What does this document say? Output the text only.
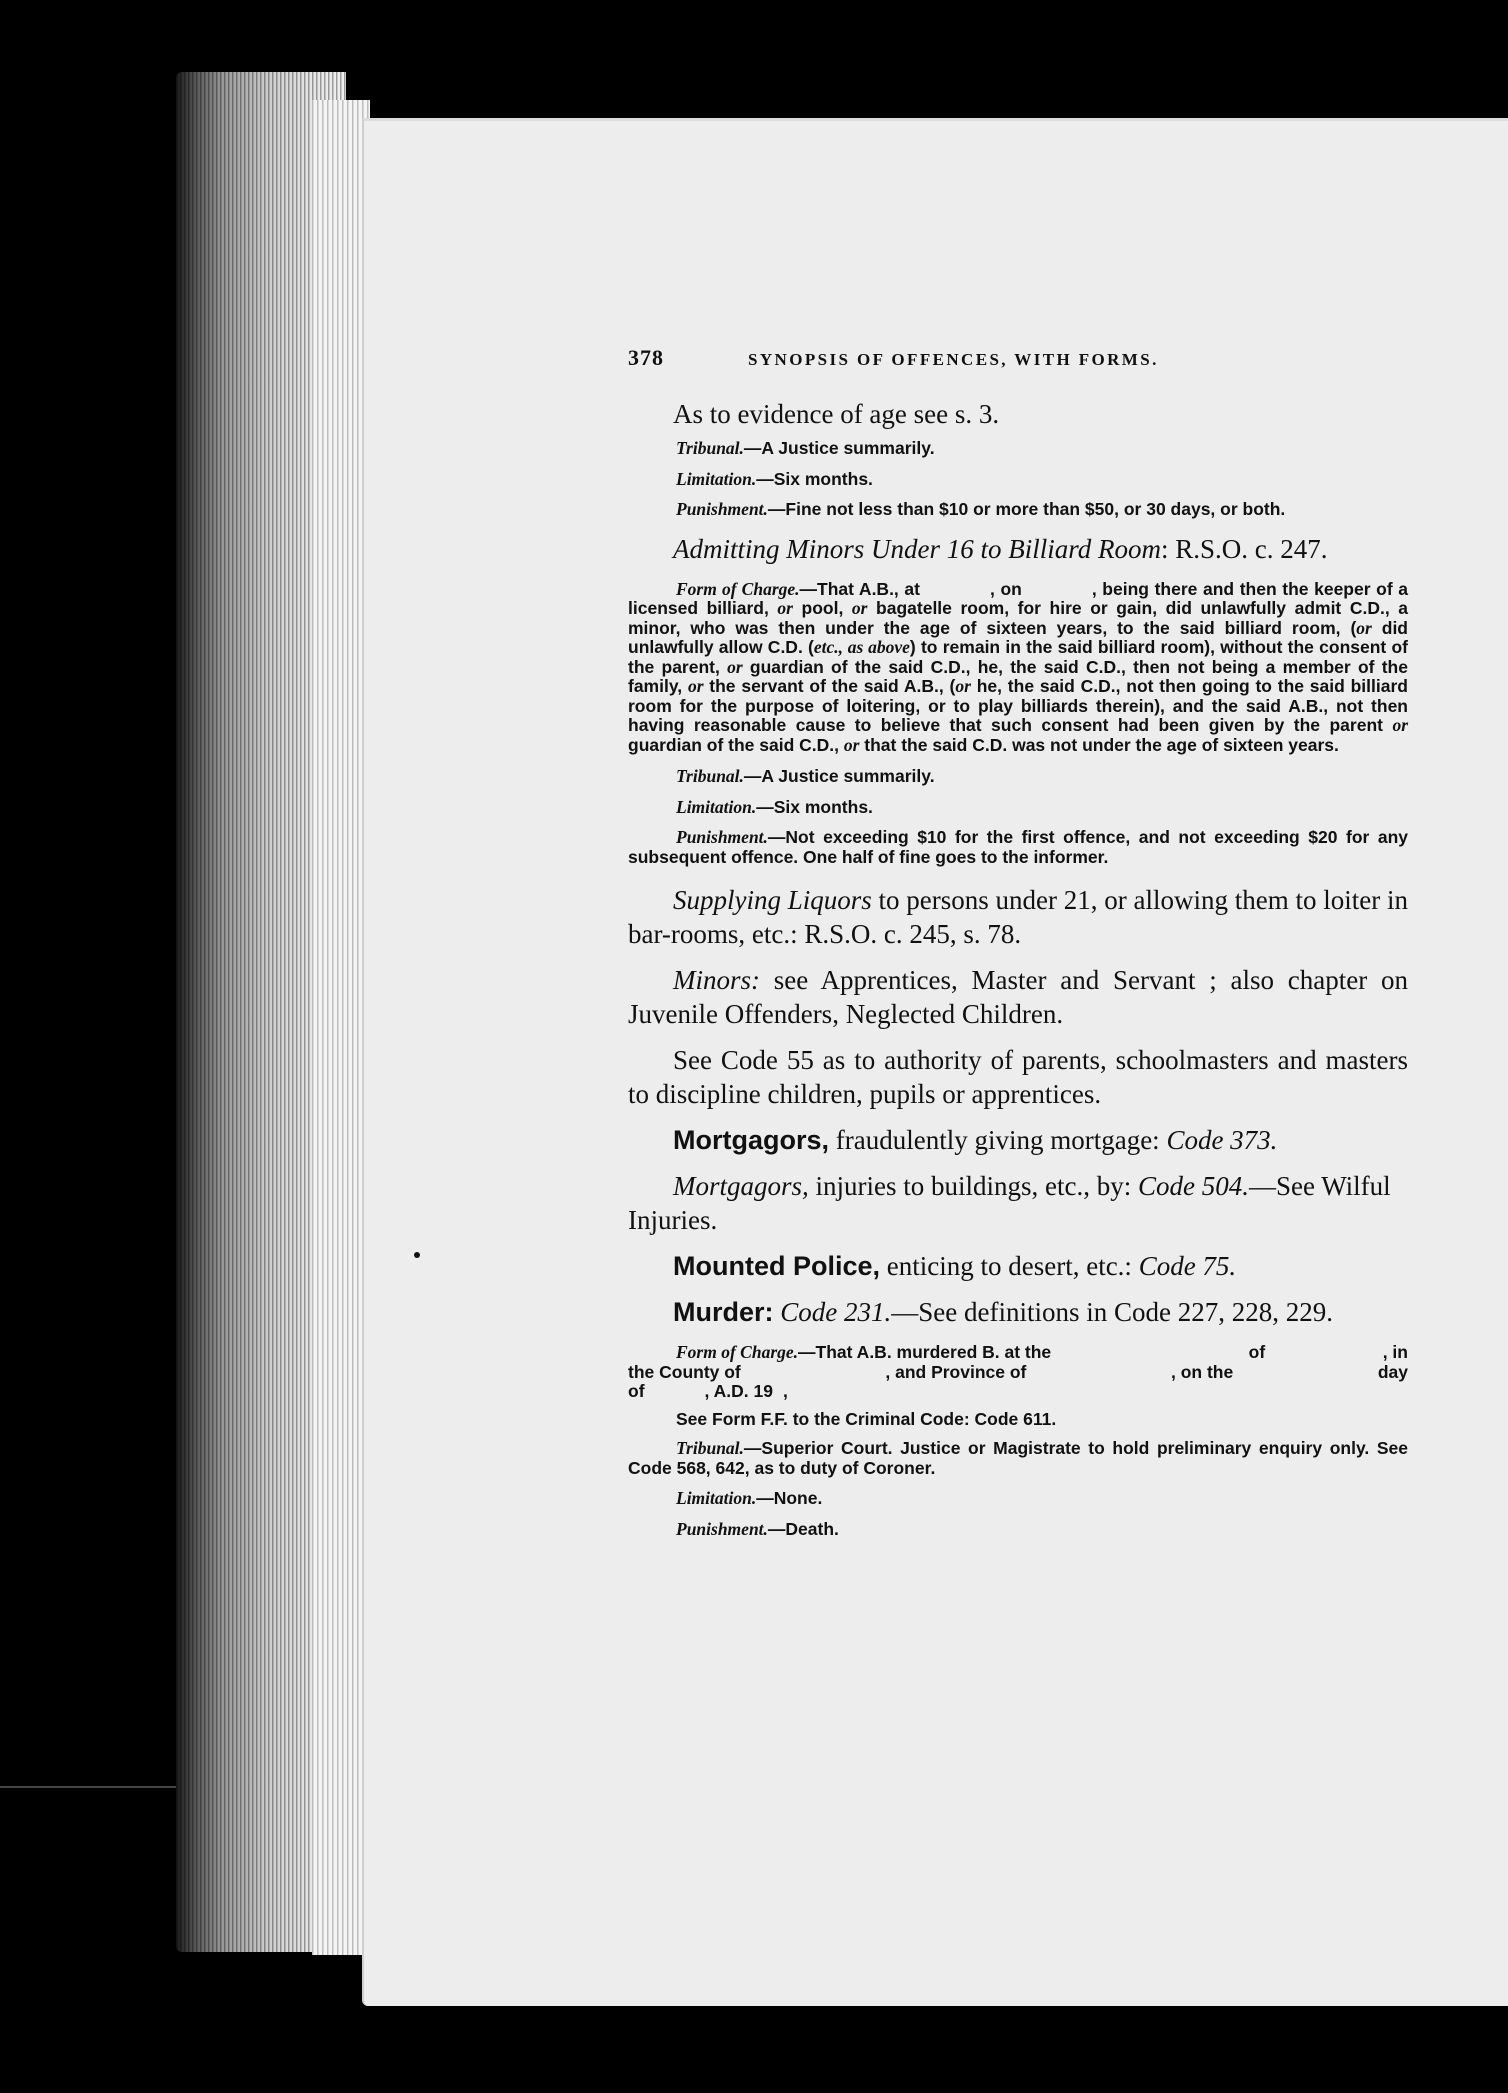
378	SYNOPSIS OF OFFENCES, WITH FORMS.

As to evidence of age see s. 3.

Tribunal.—A Justice summarily.

Limitation.—Six months.

Punishment.—Fine not less than $10 or more than $50, or 30 days, or both.

Admitting Minors Under 16 to Billiard Room: R.S.O. c. 247.

Form of Charge.—That A.B., at	, on	, being there and then the keeper of a licensed billiard, or pool, or bagatelle room, for hire or gain, did unlawfully admit C.D., a minor, who was then under the age of sixteen years, to the said billiard room, (or did unlawfully allow C.D. (etc., as above) to remain in the said billiard room), without the consent of the parent, or guardian of the said C.D., he, the said C.D., then not being a member of the family, or the servant of the said A.B., (or he, the said C.D., not then going to the said billiard room for the purpose of loitering, or to play billiards therein), and the said A.B., not then having reasonable cause to believe that such consent had been given by the parent or guardian of the said C.D., or that the said C.D. was not under the age of sixteen years.

Tribunal.—A Justice summarily.

Limitation.—Six months.

Punishment.—Not exceeding $10 for the first offence, and not exceeding $20 for any subsequent offence. One half of fine goes to the informer.

Supplying Liquors to persons under 21, or allowing them to loiter in bar-rooms, etc.: R.S.O. c. 245, s. 78.

Minors: see Apprentices, Master and Servant ; also chapter on Juvenile Offenders, Neglected Children.

See Code 55 as to authority of parents, schoolmasters and masters to discipline children, pupils or apprentices.

Mortgagors, fraudulently giving mortgage: Code 373.

Mortgagors, injuries to buildings, etc., by: Code 504.—See Wilful Injuries.

Mounted Police, enticing to desert, etc.: Code 75.

Murder: Code 231.—See definitions in Code 227, 228, 229.

Form of Charge.—That A.B. murdered B. at the	of	, in
the County of	, and Province of	, on the	day
of	, A.D. 19 ,

See Form F.F. to the Criminal Code: Code 611.

Tribunal.—Superior Court. Justice or Magistrate to hold preliminary enquiry only. See Code 568, 642, as to duty of Coroner.

Limitation.—None.

Punishment.—Death.
